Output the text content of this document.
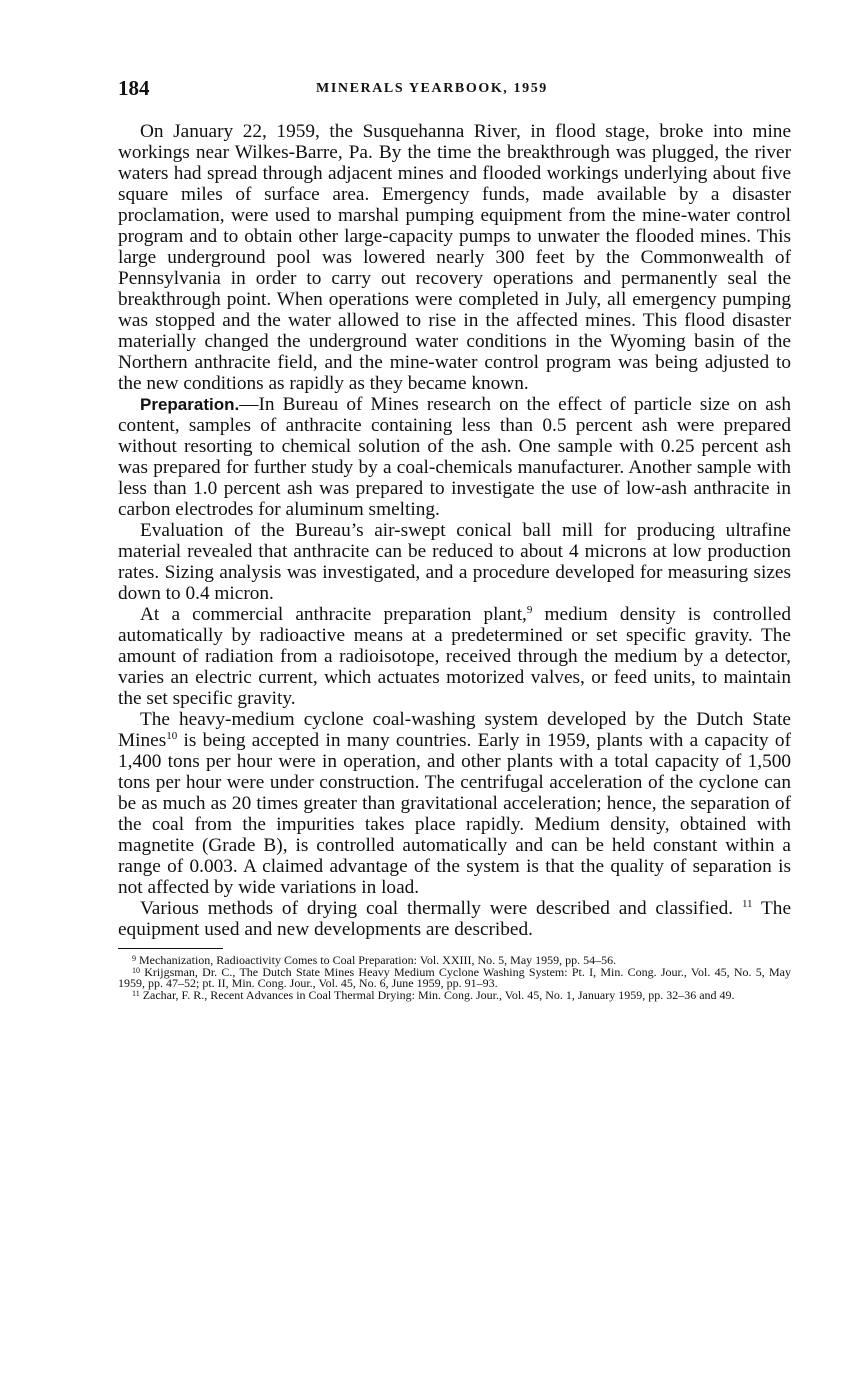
184	MINERALS YEARBOOK, 1959

On January 22, 1959, the Susquehanna River, in flood stage, broke into mine workings near Wilkes-Barre, Pa. By the time the breakthrough was plugged, the river waters had spread through adjacent mines and flooded workings underlying about five square miles of surface area. Emergency funds, made available by a disaster proclamation, were used to marshal pumping equipment from the mine-water control program and to obtain other large-capacity pumps to unwater the flooded mines. This large underground pool was lowered nearly 300 feet by the Commonwealth of Pennsylvania in order to carry out recovery operations and permanently seal the breakthrough point. When operations were completed in July, all emergency pumping was stopped and the water allowed to rise in the affected mines. This flood disaster materially changed the underground water conditions in the Wyoming basin of the Northern anthracite field, and the mine-water control program was being adjusted to the new conditions as rapidly as they became known.

Preparation.—In Bureau of Mines research on the effect of particle size on ash content, samples of anthracite containing less than 0.5 percent ash were prepared without resorting to chemical solution of the ash. One sample with 0.25 percent ash was prepared for further study by a coal-chemicals manufacturer. Another sample with less than 1.0 percent ash was prepared to investigate the use of low-ash anthracite in carbon electrodes for aluminum smelting.

Evaluation of the Bureau’s air-swept conical ball mill for producing ultrafine material revealed that anthracite can be reduced to about 4 microns at low production rates. Sizing analysis was investigated, and a procedure developed for measuring sizes down to 0.4 micron.

At a commercial anthracite preparation plant,$^9$ medium density is controlled automatically by radioactive means at a predetermined or set specific gravity. The amount of radiation from a radioisotope, received through the medium by a detector, varies an electric current, which actuates motorized valves, or feed units, to maintain the set specific gravity.

The heavy-medium cyclone coal-washing system developed by the Dutch State Mines$^{10}$ is being accepted in many countries. Early in 1959, plants with a capacity of 1,400 tons per hour were in operation, and other plants with a total capacity of 1,500 tons per hour were under construction. The centrifugal acceleration of the cyclone can be as much as 20 times greater than gravitational acceleration; hence, the separation of the coal from the impurities takes place rapidly. Medium density, obtained with magnetite (Grade B), is controlled automatically and can be held constant within a range of 0.003. A claimed advantage of the system is that the quality of separation is not affected by wide variations in load.

Various methods of drying coal thermally were described and classified. $^{11}$ The equipment used and new developments are described.

$^9$ Mechanization, Radioactivity Comes to Coal Preparation: Vol. XXIII, No. 5, May 1959, pp. 54–56.

$^{10}$ Krijgsman, Dr. C., The Dutch State Mines Heavy Medium Cyclone Washing System: Pt. I, Min. Cong. Jour., Vol. 45, No. 5, May 1959, pp. 47–52; pt. II, Min. Cong. Jour., Vol. 45, No. 6, June 1959, pp. 91–93.

$^{11}$ Zachar, F. R., Recent Advances in Coal Thermal Drying: Min. Cong. Jour., Vol. 45, No. 1, January 1959, pp. 32–36 and 49.
